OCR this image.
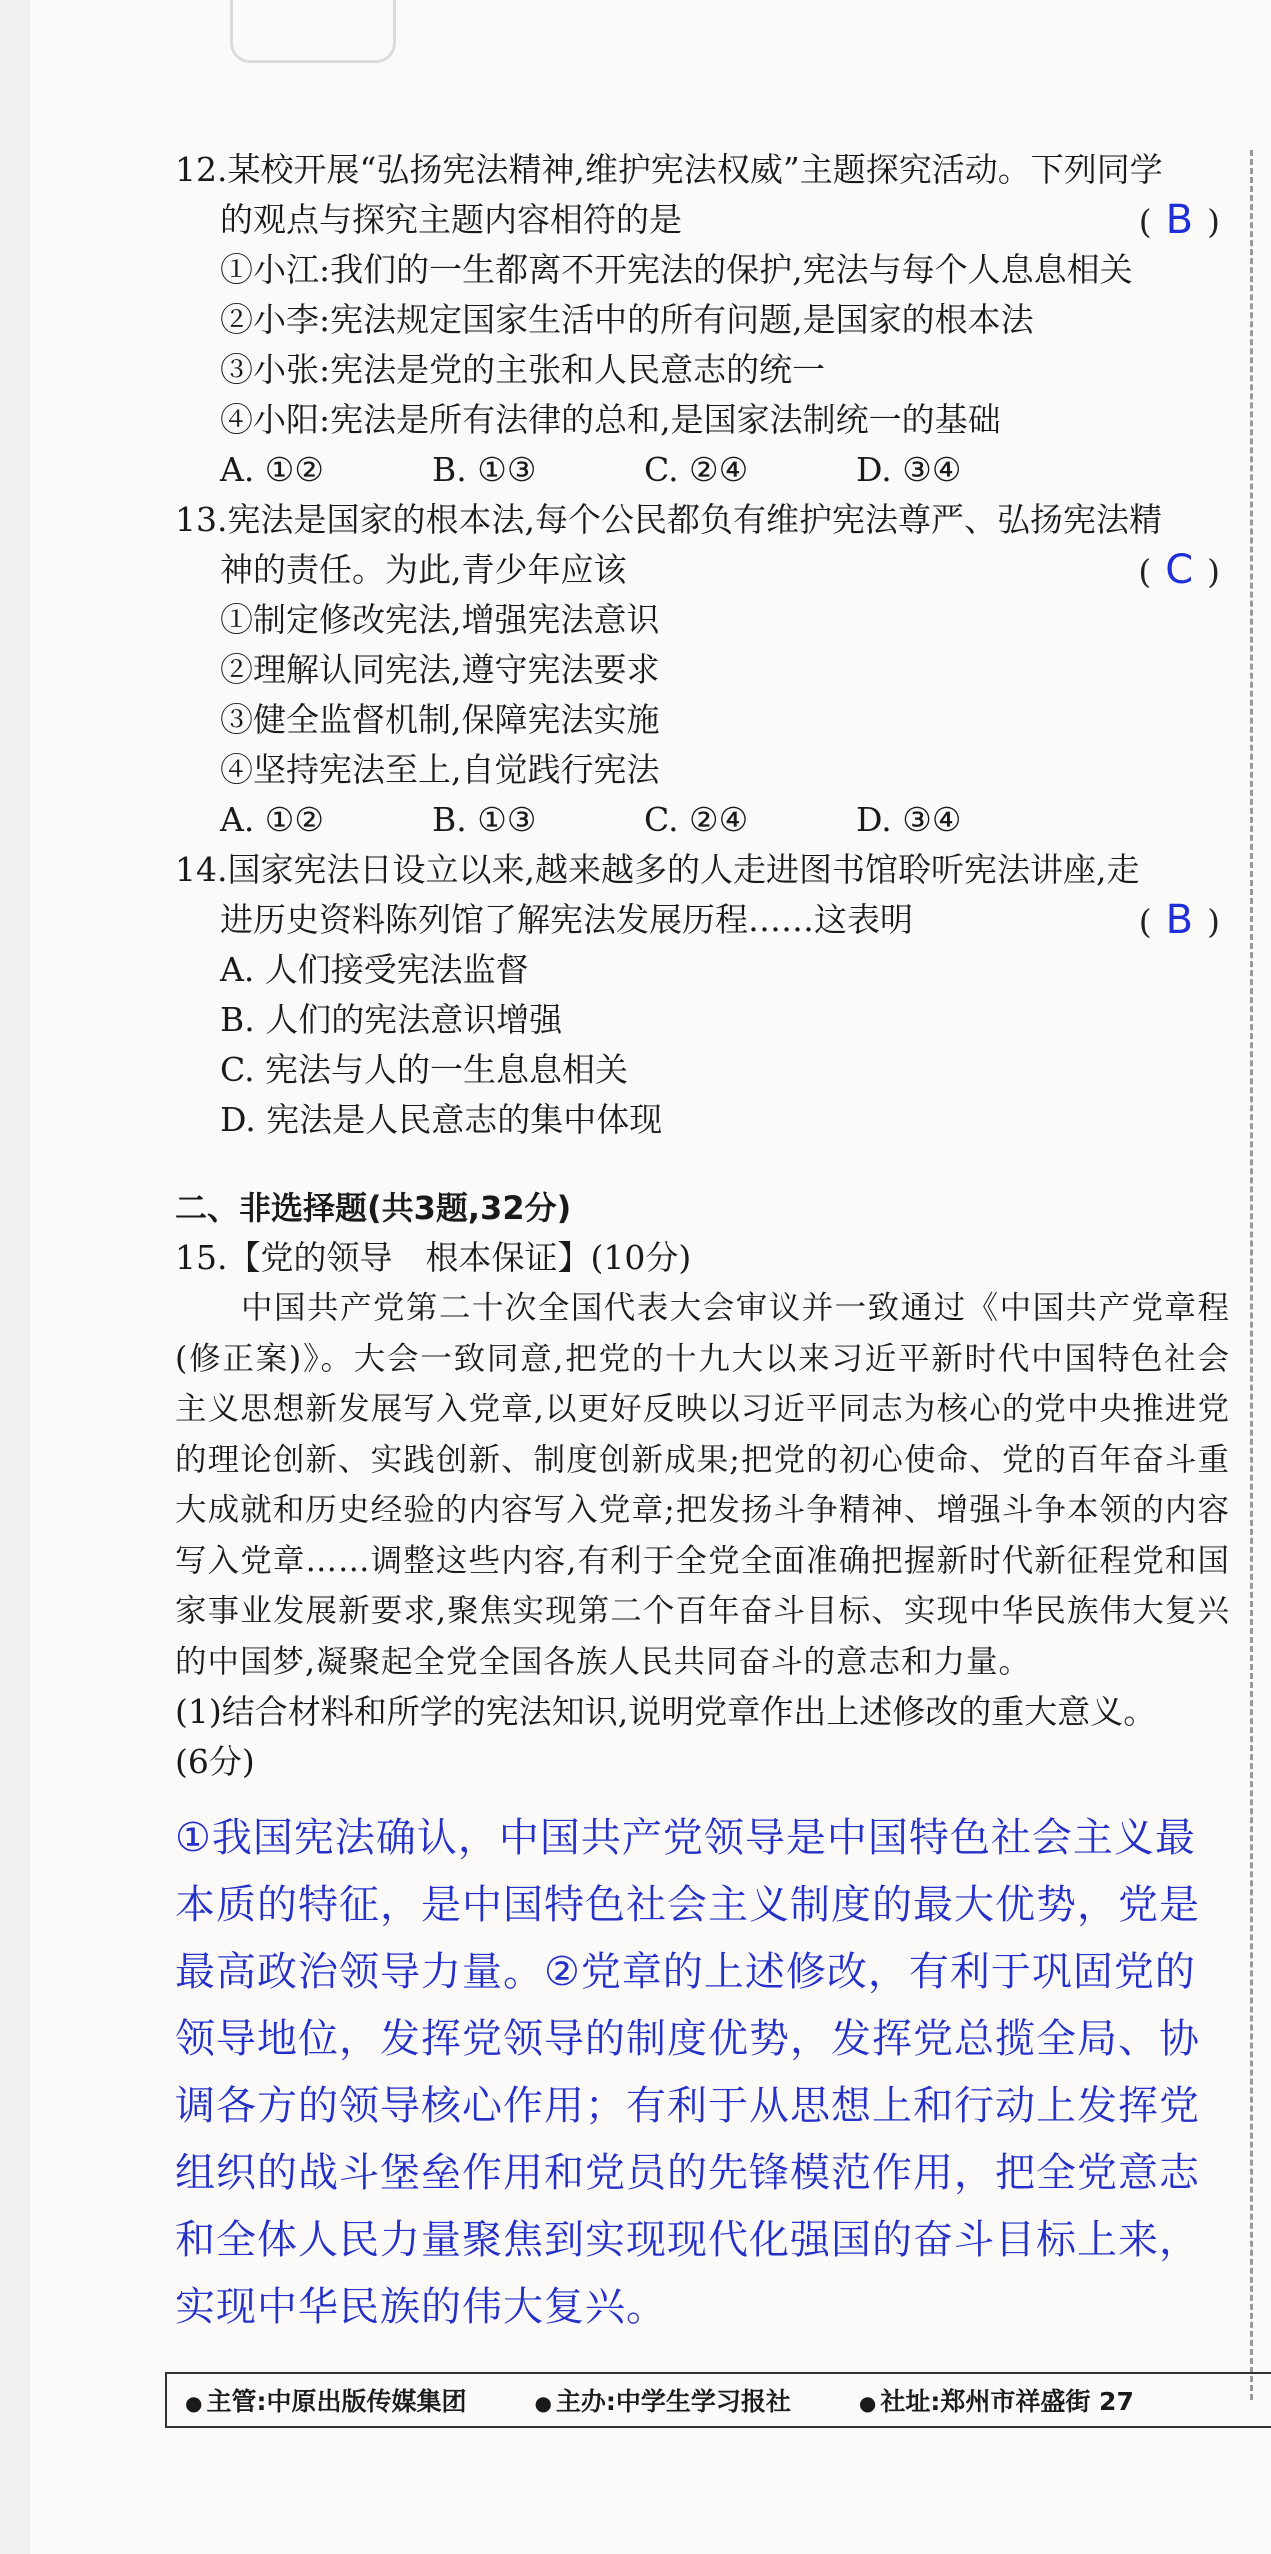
12.某校开展“弘扬宪法精神,维护宪法权威”主题探究活动。下列同学
的观点与探究主题内容相符的是	( B )
①小江:我们的一生都离不开宪法的保护,宪法与每个人息息相关
②小李:宪法规定国家生活中的所有问题,是国家的根本法
③小张:宪法是党的主张和人民意志的统一
④小阳:宪法是所有法律的总和,是国家法制统一的基础
A. ①②	B. ①③	C. ②④	D. ③④
13.宪法是国家的根本法,每个公民都负有维护宪法尊严、弘扬宪法精
神的责任。为此,青少年应该	( C )
①制定修改宪法,增强宪法意识
②理解认同宪法,遵守宪法要求
③健全监督机制,保障宪法实施
④坚持宪法至上,自觉践行宪法
A. ①②	B. ①③	C. ②④	D. ③④
14.国家宪法日设立以来,越来越多的人走进图书馆聆听宪法讲座,走
进历史资料陈列馆了解宪法发展历程……这表明	( B )
A. 人们接受宪法监督
B. 人们的宪法意识增强
C. 宪法与人的一生息息相关
D. 宪法是人民意志的集中体现
二、非选择题(共3题,32分)
15.【党的领导　根本保证】(10分)
中国共产党第二十次全国代表大会审议并一致通过《中国共产党章程(修正案)》。大会一致同意,把党的十九大以来习近平新时代中国特色社会主义思想新发展写入党章,以更好反映以习近平同志为核心的党中央推进党的理论创新、实践创新、制度创新成果;把党的初心使命、党的百年奋斗重大成就和历史经验的内容写入党章;把发扬斗争精神、增强斗争本领的内容写入党章……调整这些内容,有利于全党全面准确把握新时代新征程党和国家事业发展新要求,聚焦实现第二个百年奋斗目标、实现中华民族伟大复兴的中国梦,凝聚起全党全国各族人民共同奋斗的意志和力量。
(1)结合材料和所学的宪法知识,说明党章作出上述修改的重大意义。
(6分)
①我国宪法确认，中国共产党领导是中国特色社会主义最本质的特征，是中国特色社会主义制度的最大优势，党是最高政治领导力量。②党章的上述修改，有利于巩固党的领导地位，发挥党领导的制度优势，发挥党总揽全局、协调各方的领导核心作用；有利于从思想上和行动上发挥党组织的战斗堡垒作用和党员的先锋模范作用，把全党意志和全体人民力量聚焦到实现现代化强国的奋斗目标上来，实现中华民族的伟大复兴。
● 主管:中原出版传媒集团	● 主办:中学生学习报社	● 社址:郑州市祥盛街 27
